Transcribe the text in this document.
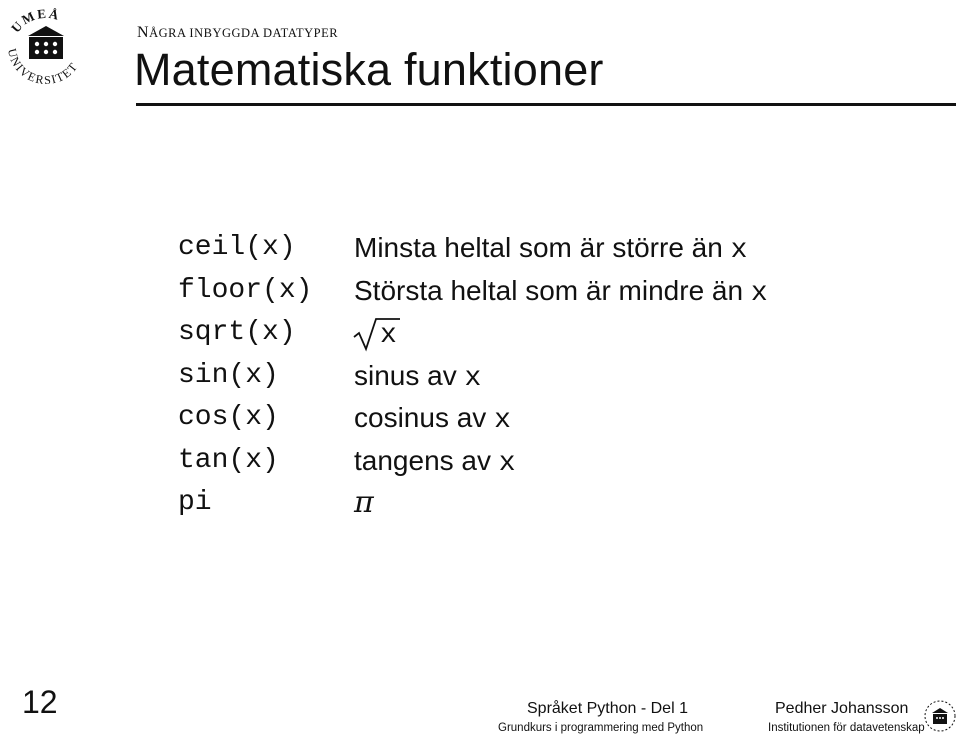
UMEÅ
UNIVERSITET
NÅGRA INBYGGDA DATATYPER
Matematiska funktioner
ceil(x) Minsta heltal som är större än x
floor(x) Största heltal som är mindre än x
sqrt(x)	x
sin(x)	sinus av x
cos(x)	cosinus av x
tan(x)	tangens av x
pi	π
12	Språket Python - Del 1
Grundkurs i programmering med Python
Pedher Johansson
Institutionen för datavetenskap
